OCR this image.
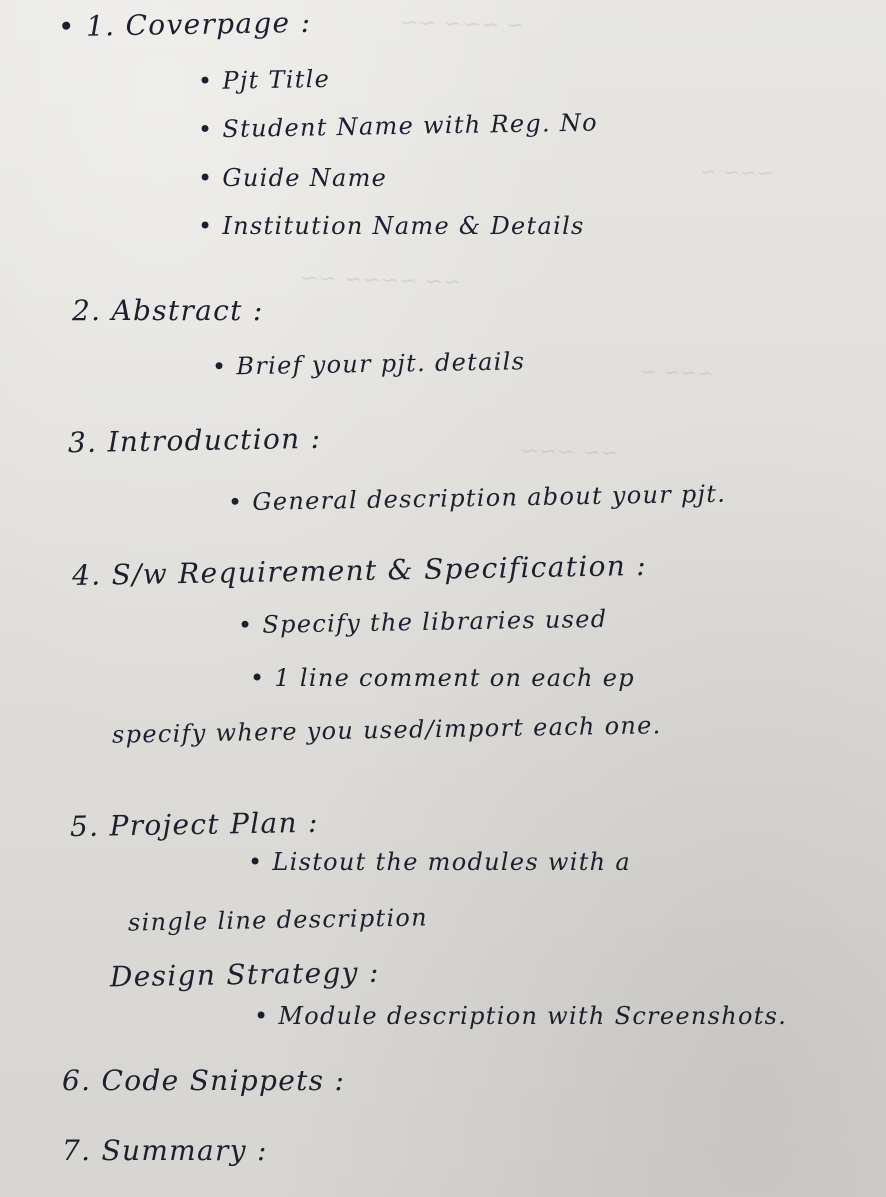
~ ~~~ ~~
~~~ ~
~~ ~~~~ ~~
~~ ~~~
~~~ ~
• 1. Coverpage :
• Pjt Title
• Student Name with Reg. No
• Guide Name
• Institution Name & Details
2. Abstract :
• Brief your pjt. details
3. Introduction :
• General description about your pjt.
4. S/w Requirement & Specification :
• Specify the libraries used
• 1 line comment on each ep
specify where you used/import each one.
5. Project Plan :
• Listout the modules with a
single line description
Design Strategy :
• Module description with Screenshots.
6. Code Snippets :
7. Summary :
